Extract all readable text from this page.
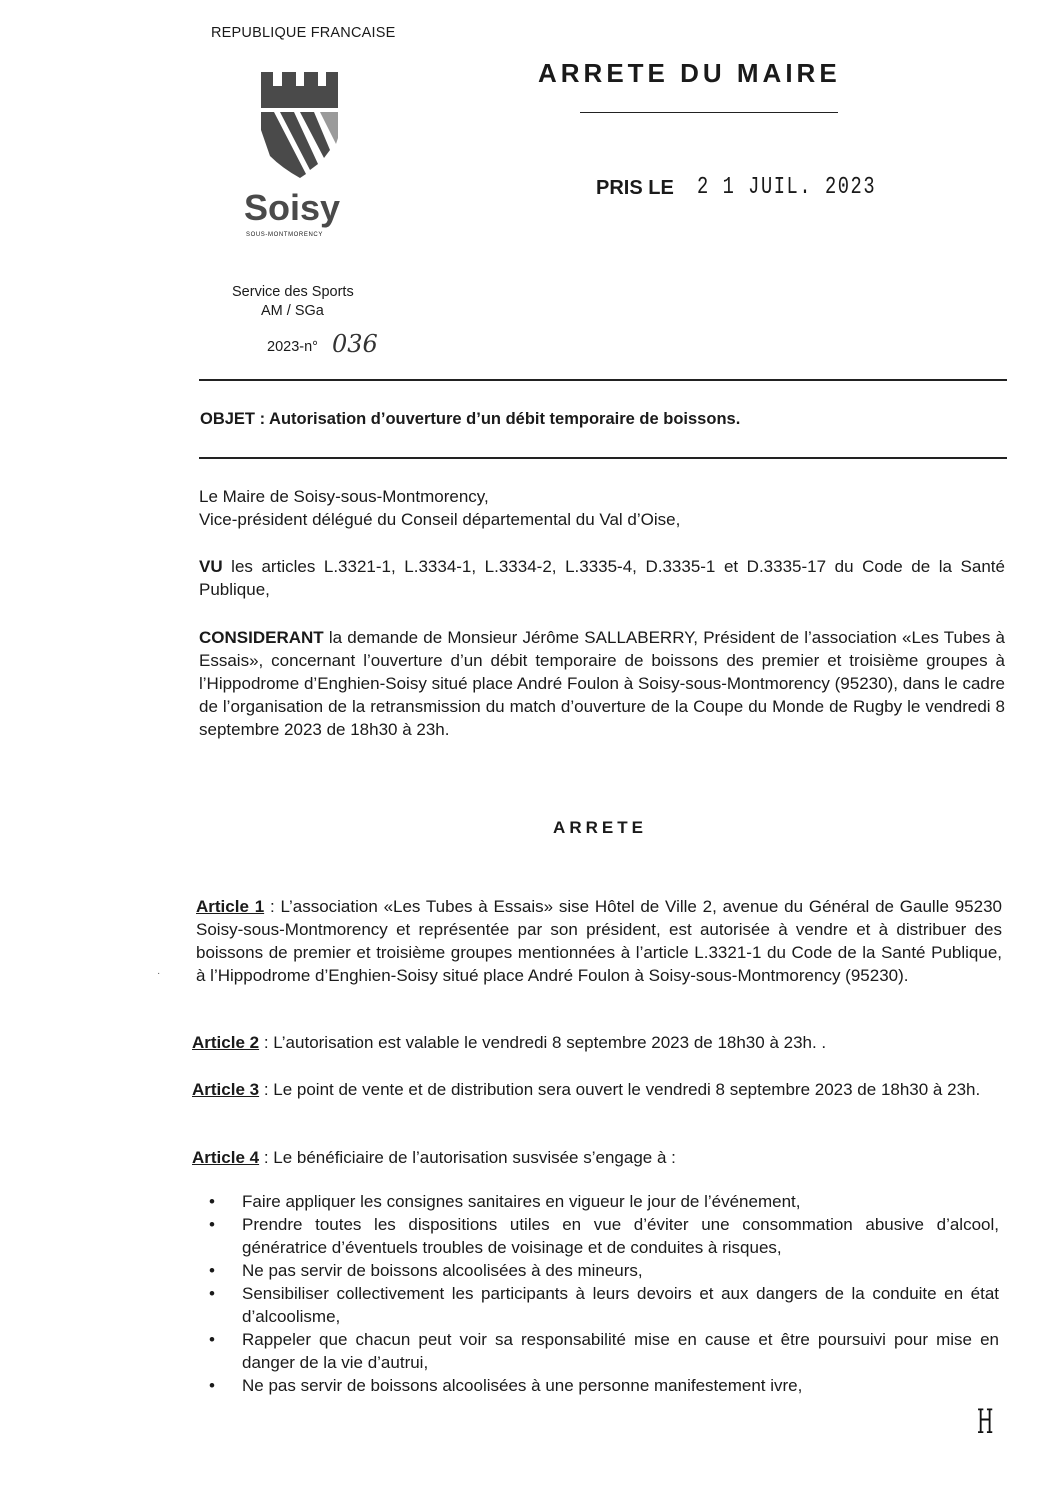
REPUBLIQUE FRANCAISE
Soisy
SOUS-MONTMORENCY
ARRETE DU MAIRE
PRIS LE 2 1 JUIL. 2023
Service des Sports
AM / SGa
2023-n° 036
OBJET : Autorisation d’ouverture d’un débit temporaire de boissons.
Le Maire de Soisy-sous-Montmorency,
Vice-président délégué du Conseil départemental du Val d’Oise,
VU les articles L.3321-1, L.3334-1, L.3334-2, L.3335-4, D.3335-1 et D.3335-17 du Code de la Santé Publique,
CONSIDERANT la demande de Monsieur Jérôme SALLABERRY, Président de l’association «Les Tubes à Essais», concernant l’ouverture d’un débit temporaire de boissons des premier et troisième groupes à l’Hippodrome d’Enghien-Soisy situé place André Foulon à Soisy-sous-Montmorency (95230), dans le cadre de l’organisation de la retransmission du match d’ouverture de la Coupe du Monde de Rugby le vendredi 8 septembre 2023 de 18h30 à 23h.
ARRETE
·
Article 1 : L’association «Les Tubes à Essais» sise Hôtel de Ville 2, avenue du Général de Gaulle 95230 Soisy-sous-Montmorency et représentée par son président, est autorisée à vendre et à distribuer des boissons de premier et troisième groupes mentionnées à l’article L.3321-1 du Code de la Santé Publique, à l’Hippodrome d’Enghien-Soisy situé place André Foulon à Soisy-sous-Montmorency (95230).
Article 2 : L’autorisation est valable le vendredi 8 septembre 2023 de 18h30 à 23h. .
Article 3 : Le point de vente et de distribution sera ouvert le vendredi 8 septembre 2023 de 18h30 à 23h.
Article 4 : Le bénéficiaire de l’autorisation susvisée s’engage à :
• Faire appliquer les consignes sanitaires en vigueur le jour de l’événement,
• Prendre toutes les dispositions utiles en vue d’éviter une consommation abusive d’alcool, génératrice d’éventuels troubles de voisinage et de conduites à risques,
• Ne pas servir de boissons alcoolisées à des mineurs,
• Sensibiliser collectivement les participants à leurs devoirs et aux dangers de la conduite en état d’alcoolisme,
• Rappeler que chacun peut voir sa responsabilité mise en cause et être poursuivi pour mise en danger de la vie d’autrui,
• Ne pas servir de boissons alcoolisées à une personne manifestement ivre,
H
